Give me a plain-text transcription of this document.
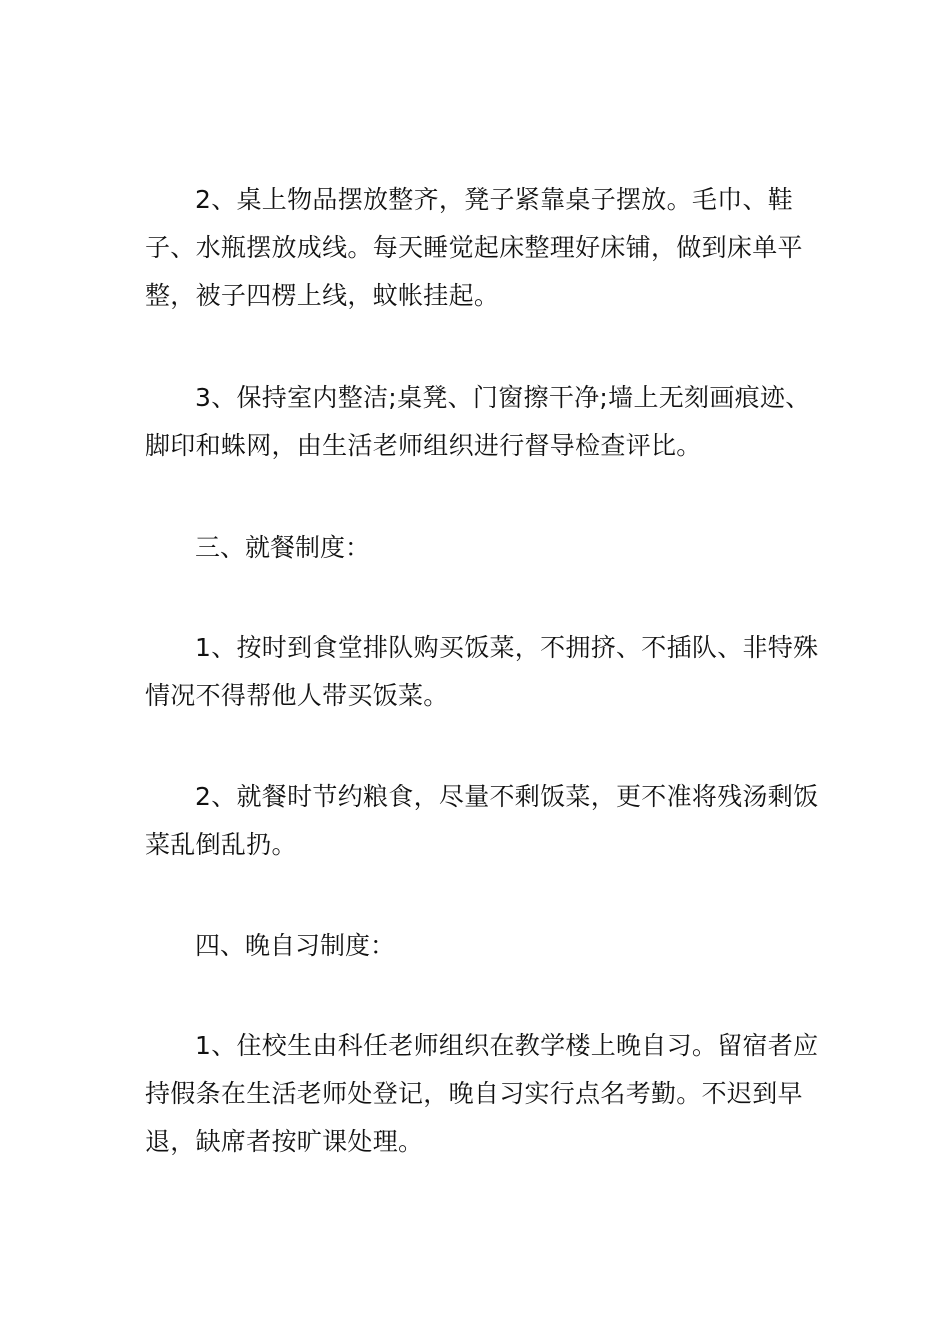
2、桌上物品摆放整齐，凳子紧靠桌子摆放。毛巾、鞋子、水瓶摆放成线。每天睡觉起床整理好床铺，做到床单平整，被子四楞上线，蚊帐挂起。

3、保持室内整洁;桌凳、门窗擦干净;墙上无刻画痕迹、脚印和蛛网，由生活老师组织进行督导检查评比。

三、就餐制度：

1、按时到食堂排队购买饭菜，不拥挤、不插队、非特殊情况不得帮他人带买饭菜。

2、就餐时节约粮食，尽量不剩饭菜，更不准将残汤剩饭菜乱倒乱扔。

四、晚自习制度：

1、住校生由科任老师组织在教学楼上晚自习。留宿者应持假条在生活老师处登记，晚自习实行点名考勤。不迟到早退，缺席者按旷课处理。
